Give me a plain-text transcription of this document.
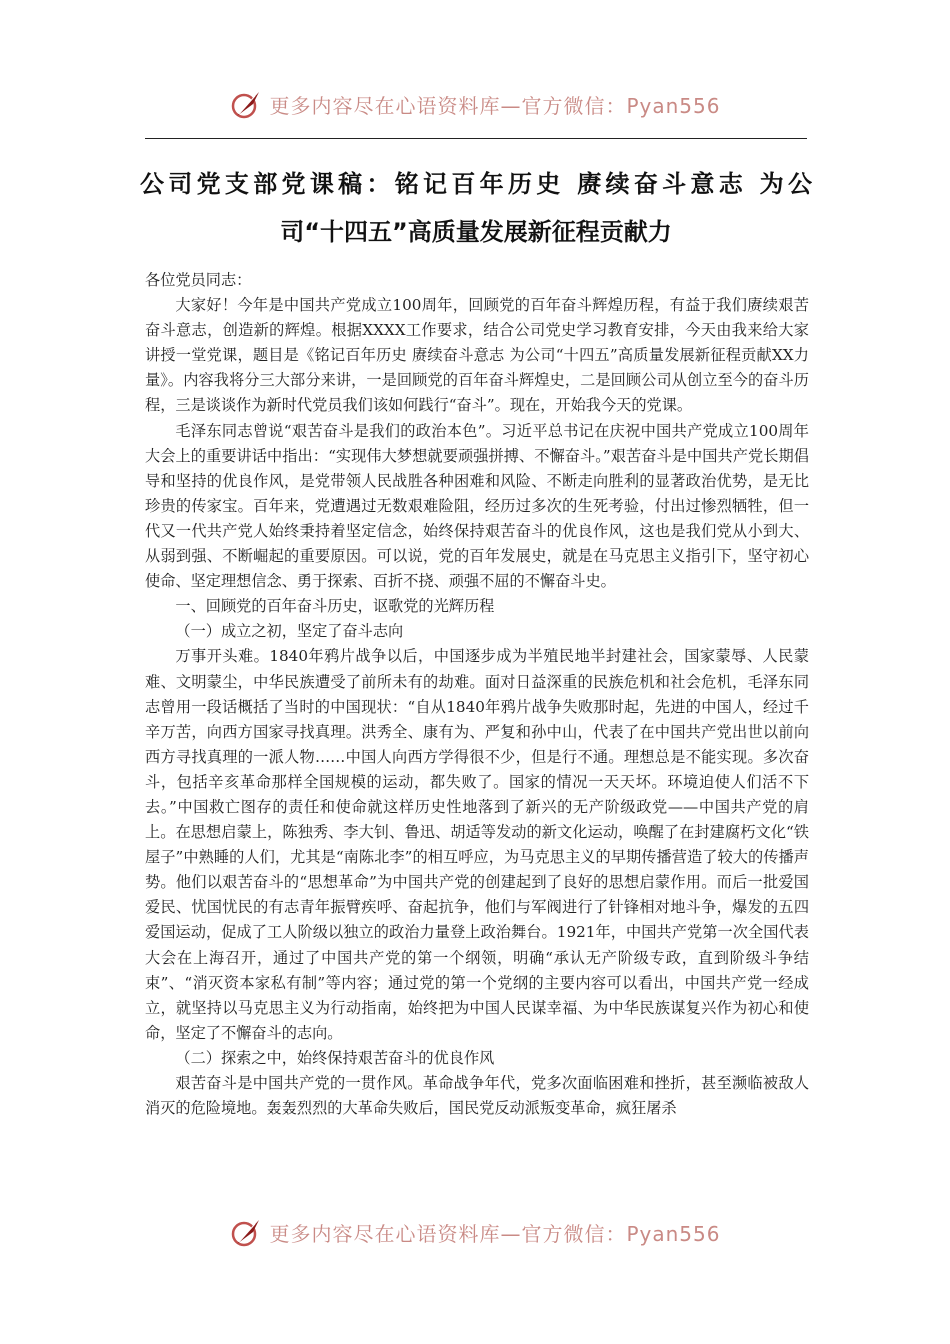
更多内容尽在心语资料库—官方微信：Pyan556
公司党支部党课稿：铭记百年历史 赓续奋斗意志 为公
司“十四五”高质量发展新征程贡献力

各位党员同志：

大家好！今年是中国共产党成立100周年，回顾党的百年奋斗辉煌历程，有益于我们赓续艰苦奋斗意志，创造新的辉煌。根据XXXX工作要求，结合公司党史学习教育安排，今天由我来给大家讲授一堂党课，题目是《铭记百年历史 赓续奋斗意志 为公司“十四五”高质量发展新征程贡献XX力量》。内容我将分三大部分来讲，一是回顾党的百年奋斗辉煌史，二是回顾公司从创立至今的奋斗历程，三是谈谈作为新时代党员我们该如何践行“奋斗”。现在，开始我今天的党课。

毛泽东同志曾说“艰苦奋斗是我们的政治本色”。习近平总书记在庆祝中国共产党成立100周年大会上的重要讲话中指出：“实现伟大梦想就要顽强拼搏、不懈奋斗。”艰苦奋斗是中国共产党长期倡导和坚持的优良作风，是党带领人民战胜各种困难和风险、不断走向胜利的显著政治优势，是无比珍贵的传家宝。百年来，党遭遇过无数艰难险阻，经历过多次的生死考验，付出过惨烈牺牲，但一代又一代共产党人始终秉持着坚定信念，始终保持艰苦奋斗的优良作风，这也是我们党从小到大、从弱到强、不断崛起的重要原因。可以说，党的百年发展史，就是在马克思主义指引下，坚守初心使命、坚定理想信念、勇于探索、百折不挠、顽强不屈的不懈奋斗史。

一、回顾党的百年奋斗历史，讴歌党的光辉历程

（一）成立之初，坚定了奋斗志向

万事开头难。1840年鸦片战争以后，中国逐步成为半殖民地半封建社会，国家蒙辱、人民蒙难、文明蒙尘，中华民族遭受了前所未有的劫难。面对日益深重的民族危机和社会危机，毛泽东同志曾用一段话概括了当时的中国现状：“自从1840年鸦片战争失败那时起，先进的中国人，经过千辛万苦，向西方国家寻找真理。洪秀全、康有为、严复和孙中山，代表了在中国共产党出世以前向西方寻找真理的一派人物……中国人向西方学得很不少，但是行不通。理想总是不能实现。多次奋斗，包括辛亥革命那样全国规模的运动，都失败了。国家的情况一天天坏。环境迫使人们活不下去。”中国救亡图存的责任和使命就这样历史性地落到了新兴的无产阶级政党——中国共产党的肩上。在思想启蒙上，陈独秀、李大钊、鲁迅、胡适等发动的新文化运动，唤醒了在封建腐朽文化“铁屋子”中熟睡的人们，尤其是“南陈北李”的相互呼应，为马克思主义的早期传播营造了较大的传播声势。他们以艰苦奋斗的“思想革命”为中国共产党的创建起到了良好的思想启蒙作用。而后一批爱国爱民、忧国忧民的有志青年振臂疾呼、奋起抗争，他们与军阀进行了针锋相对地斗争，爆发的五四爱国运动，促成了工人阶级以独立的政治力量登上政治舞台。1921年，中国共产党第一次全国代表大会在上海召开，通过了中国共产党的第一个纲领，明确“承认无产阶级专政，直到阶级斗争结束”、“消灭资本家私有制”等内容；通过党的第一个党纲的主要内容可以看出，中国共产党一经成立，就坚持以马克思主义为行动指南，始终把为中国人民谋幸福、为中华民族谋复兴作为初心和使命，坚定了不懈奋斗的志向。

（二）探索之中，始终保持艰苦奋斗的优良作风

艰苦奋斗是中国共产党的一贯作风。革命战争年代，党多次面临困难和挫折，甚至濒临被敌人消灭的危险境地。轰轰烈烈的大革命失败后，国民党反动派叛变革命，疯狂屠杀

更多内容尽在心语资料库—官方微信：Pyan556
